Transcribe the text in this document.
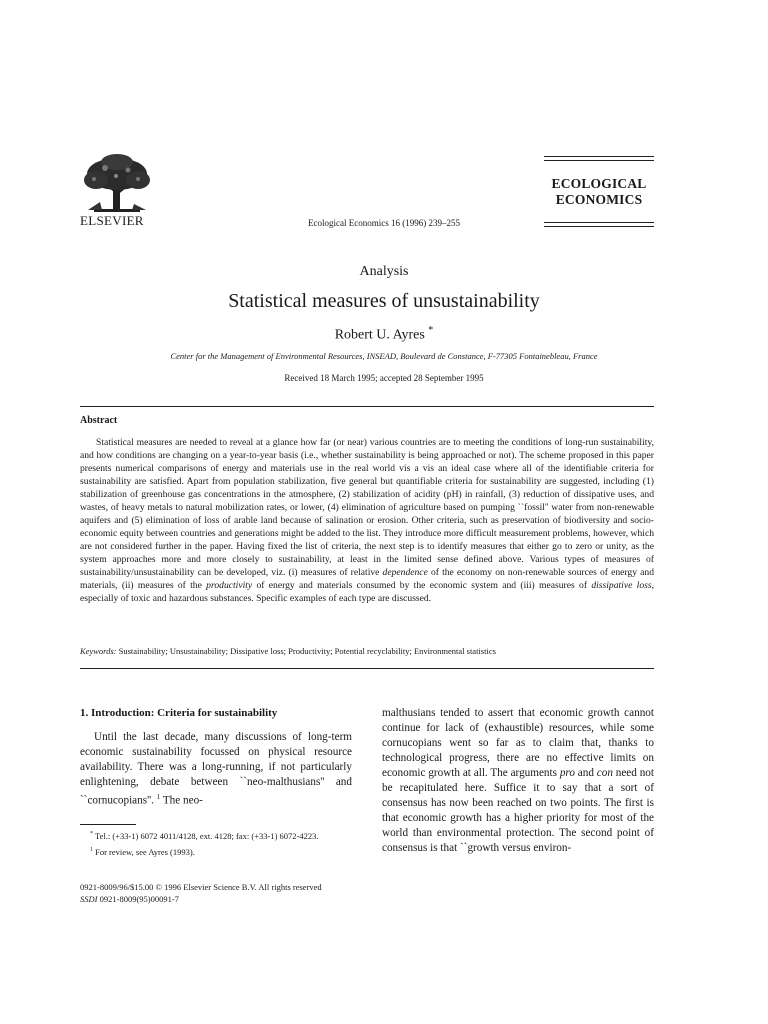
ELSEVIER	Ecological Economics 16 (1996) 239–255
ECOLOGICAL
ECONOMICS
Analysis
Statistical measures of unsustainability
Robert U. Ayres *
Center for the Management of Environmental Resources, INSEAD, Boulevard de Constance, F-77305 Fontainebleau, France
Received 18 March 1995; accepted 28 September 1995
Abstract

Statistical measures are needed to reveal at a glance how far (or near) various countries are to meeting the conditions of long-run sustainability, and how conditions are changing on a year-to-year basis (i.e., whether sustainability is being approached or not). The scheme proposed in this paper presents numerical comparisons of energy and materials use in the real world vis a vis an ideal case where all of the identifiable criteria for sustainability are satisfied. Apart from population stabilization, five general but quantifiable criteria for sustainability are suggested, including (1) stabilization of greenhouse gas concentrations in the atmosphere, (2) stabilization of acidity (pH) in rainfall, (3) reduction of dissipative uses, and wastes, of heavy metals to natural mobilization rates, or lower, (4) elimination of agriculture based on pumping ``fossil'' water from non-renewable aquifers and (5) elimination of loss of arable land because of salination or erosion. Other criteria, such as preservation of biodiversity and socio-economic equity between countries and generations might be added to the list. They introduce more difficult measurement problems, however, which are not considered further in the paper. Having fixed the list of criteria, the next step is to identify measures that either go to zero or unity, as the system approaches more and more closely to sustainability, at least in the limited sense defined above. Various types of measures of sustainability/unsustainability can be developed, viz. (i) measures of relative dependence of the economy on non-renewable sources of energy and materials, (ii) measures of the productivity of energy and materials consumed by the economic system and (iii) measures of dissipative loss, especially of toxic and hazardous substances. Specific examples of each type are discussed.

Keywords: Sustainability; Unsustainability; Dissipative loss; Productivity; Potential recyclability; Environmental statistics
1. Introduction: Criteria for sustainability

Until the last decade, many discussions of long-term economic sustainability focussed on physical resource availability. There was a long-running, if not particularly enlightening, debate between ``neo-malthusians'' and ``cornucopians''. $^1$ The neo-

malthusians tended to assert that economic growth cannot continue for lack of (exhaustible) resources, while some cornucopians went so far as to claim that, thanks to technological progress, there are no effective limits on economic growth at all. The arguments pro and con need not be recapitulated here. Suffice it to say that a sort of consensus has now been reached on two points. The first is that economic growth has a higher priority for most of the world than environmental protection. The second point of consensus is that ``growth versus environ-

* Tel.: (+33-1) 6072 4011/4128, ext. 4128; fax: (+33-1) 6072-4223.

$^1$ For review, see Ayres (1993).

0921-8009/96/$15.00 © 1996 Elsevier Science B.V. All rights reserved
SSDI 0921-8009(95)00091-7
